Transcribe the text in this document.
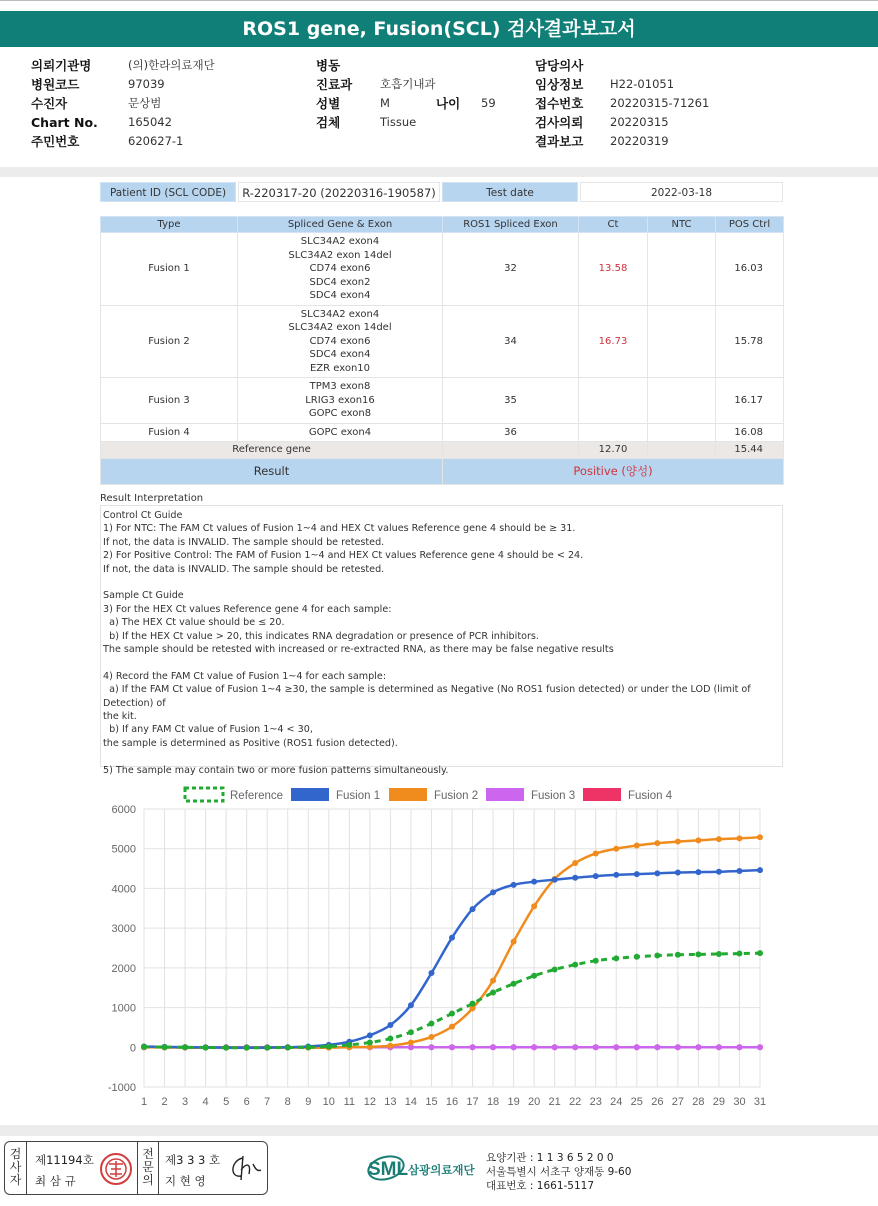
ROS1 gene, Fusion(SCL) 검사결과보고서
의뢰기관명	(의)한라의료재단
병원코드	97039
수진자	문상범
Chart No.	165042
주민번호	620627-1
병동
진료과 호흡기내과
성별	M	나이 59
검체	Tissue
담당의사
임상정보 H22-01051
접수번호 20220315-71261
검사의뢰 20220315
결과보고 20220319
Patient ID (SCL CODE)	R-220317-20 (20220316-190587)	Test date	2022-03-18
Type	Spliced Gene & Exon	ROS1 Spliced Exon	Ct	NTC	POS Ctrl
Fusion 1	SLC34A2 exon4
SLC34A2 exon 14del
CD74 exon6
SDC4 exon2
SDC4 exon4	32	13.58		16.03
Fusion 2	SLC34A2 exon4
SLC34A2 exon 14del
CD74 exon6
SDC4 exon4
EZR exon10	34	16.73		15.78
Fusion 3	TPM3 exon8
LRIG3 exon16
GOPC exon8	35			16.17
Fusion 4	GOPC exon4	36			16.08
Reference gene			12.70		15.44
Result		Positive (양성)			
Result Interpretation

Control Ct Guide

1) For NTC: The FAM Ct values of Fusion 1~4 and HEX Ct values Reference gene 4 should be ≥ 31.

If not, the data is INVALID. The sample should be retested.

2) For Positive Control: The FAM of Fusion 1~4 and HEX Ct values Reference gene 4 should be < 24.

If not, the data is INVALID. The sample should be retested.

Sample Ct Guide

3) For the HEX Ct values Reference gene 4 for each sample:

a) The HEX Ct value should be ≤ 20.

b) If the HEX Ct value > 20, this indicates RNA degradation or presence of PCR inhibitors.

The sample should be retested with increased or re-extracted RNA, as there may be false negative results

4) Record the FAM Ct value of Fusion 1~4 for each sample:

a) If the FAM Ct value of Fusion 1~4 ≥30, the sample is determined as Negative (No ROS1 fusion detected) or under the LOD (limit of Detection) of

the kit.

b) If any FAM Ct value of Fusion 1~4 < 30,

the sample is determined as Positive (ROS1 fusion detected).

5) The sample may contain two or more fusion patterns simultaneously.

-1000
0
1000
2000
3000
4000
5000
6000
1 2 3 4 5 6 7 8 9 10 11 12 13 14 15 16 17 18 19 20 21 22 23 24 25 26 27 28 29 30 31
Reference	Fusion 1	Fusion 2	Fusion 3	Fusion 4
검
사
자
제11194호
최 삼 규
전
문
의
제3 3 3 호
지 현 영
SML 삼광의료재단
요양기관 : 1 1 3 6 5 2 0 0
서울특별시 서초구 양재동 9-60
대표번호 : 1661-5117
